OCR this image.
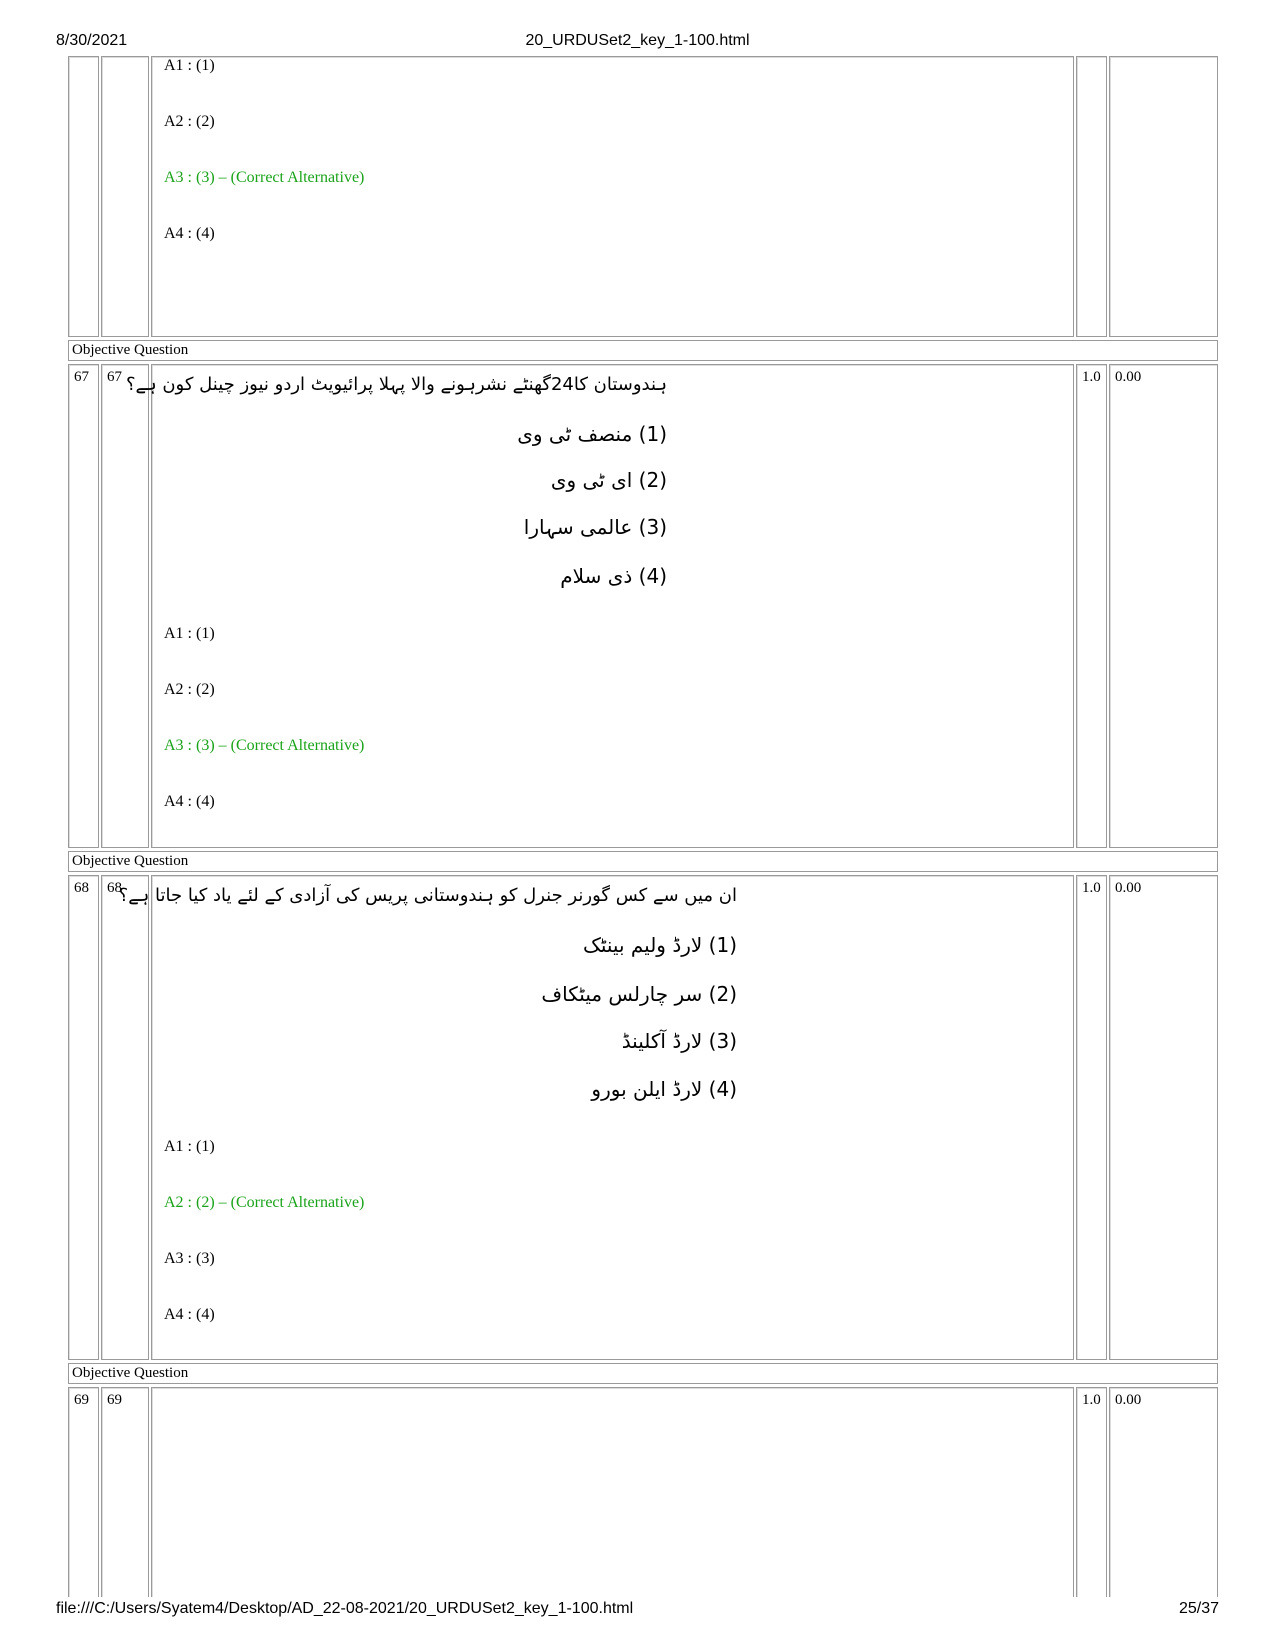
8/30/2021	20_URDUSet2_key_1-100.html
A1 : (1)
A2 : (2)
A3 : (3) – (Correct Alternative)
A4 : (4)
Objective Question
67 67 ہندوستان کا24گھنٹے نشرہونے والا پہلا پرائیویٹ اردو نیوز چینل کون ہے؟
(1) منصف ٹی وی
(2) ای ٹی وی
(3) عالمی سہارا
(4) ذی سلام
A1 : (1)
A2 : (2)
A3 : (3) – (Correct Alternative)
A4 : (4)
1.0 0.00
Objective Question
68 68
ان میں سے کس گورنر جنرل کو ہندوستانی پریس کی آزادی کے لئے یاد کیا جاتا ہے؟
(1) لارڈ ولیم بینٹک
(2) سر چارلس میٹکاف
(3) لارڈ آکلینڈ
(4) لارڈ ایلن بورو
A1 : (1)
A2 : (2) – (Correct Alternative)
A3 : (3)
A4 : (4)
1.0 0.00
Objective Question
69 69	1.0 0.00
file:///C:/Users/Syatem4/Desktop/AD_22-08-2021/20_URDUSet2_key_1-100.html	25/37
